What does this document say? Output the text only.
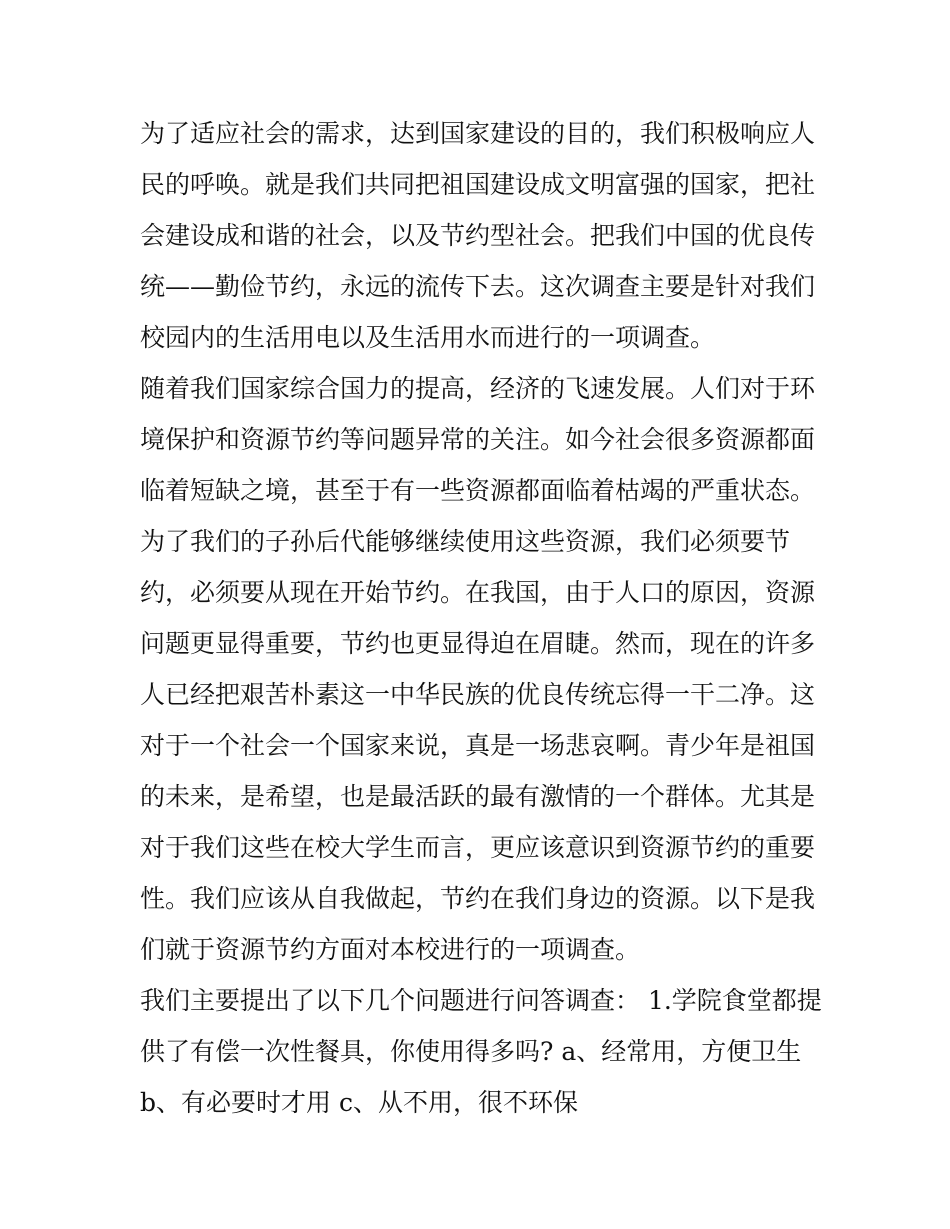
为了适应社会的需求，达到国家建设的目的，我们积极响应人
民的呼唤。就是我们共同把祖国建设成文明富强的国家，把社
会建设成和谐的社会，以及节约型社会。把我们中国的优良传
统——勤俭节约，永远的流传下去。这次调查主要是针对我们
校园内的生活用电以及生活用水而进行的一项调查。
随着我们国家综合国力的提高，经济的飞速发展。人们对于环
境保护和资源节约等问题异常的关注。如今社会很多资源都面
临着短缺之境，甚至于有一些资源都面临着枯竭的严重状态。
为了我们的子孙后代能够继续使用这些资源，我们必须要节
约，必须要从现在开始节约。在我国，由于人口的原因，资源
问题更显得重要，节约也更显得迫在眉睫。然而，现在的许多
人已经把艰苦朴素这一中华民族的优良传统忘得一干二净。这
对于一个社会一个国家来说，真是一场悲哀啊。青少年是祖国
的未来，是希望，也是最活跃的最有激情的一个群体。尤其是
对于我们这些在校大学生而言，更应该意识到资源节约的重要
性。我们应该从自我做起，节约在我们身边的资源。以下是我
们就于资源节约方面对本校进行的一项调查。
我们主要提出了以下几个问题进行问答调查： 1.学院食堂都提
供了有偿一次性餐具，你使用得多吗? a、经常用，方便卫生
b、有必要时才用 c、从不用，很不环保
